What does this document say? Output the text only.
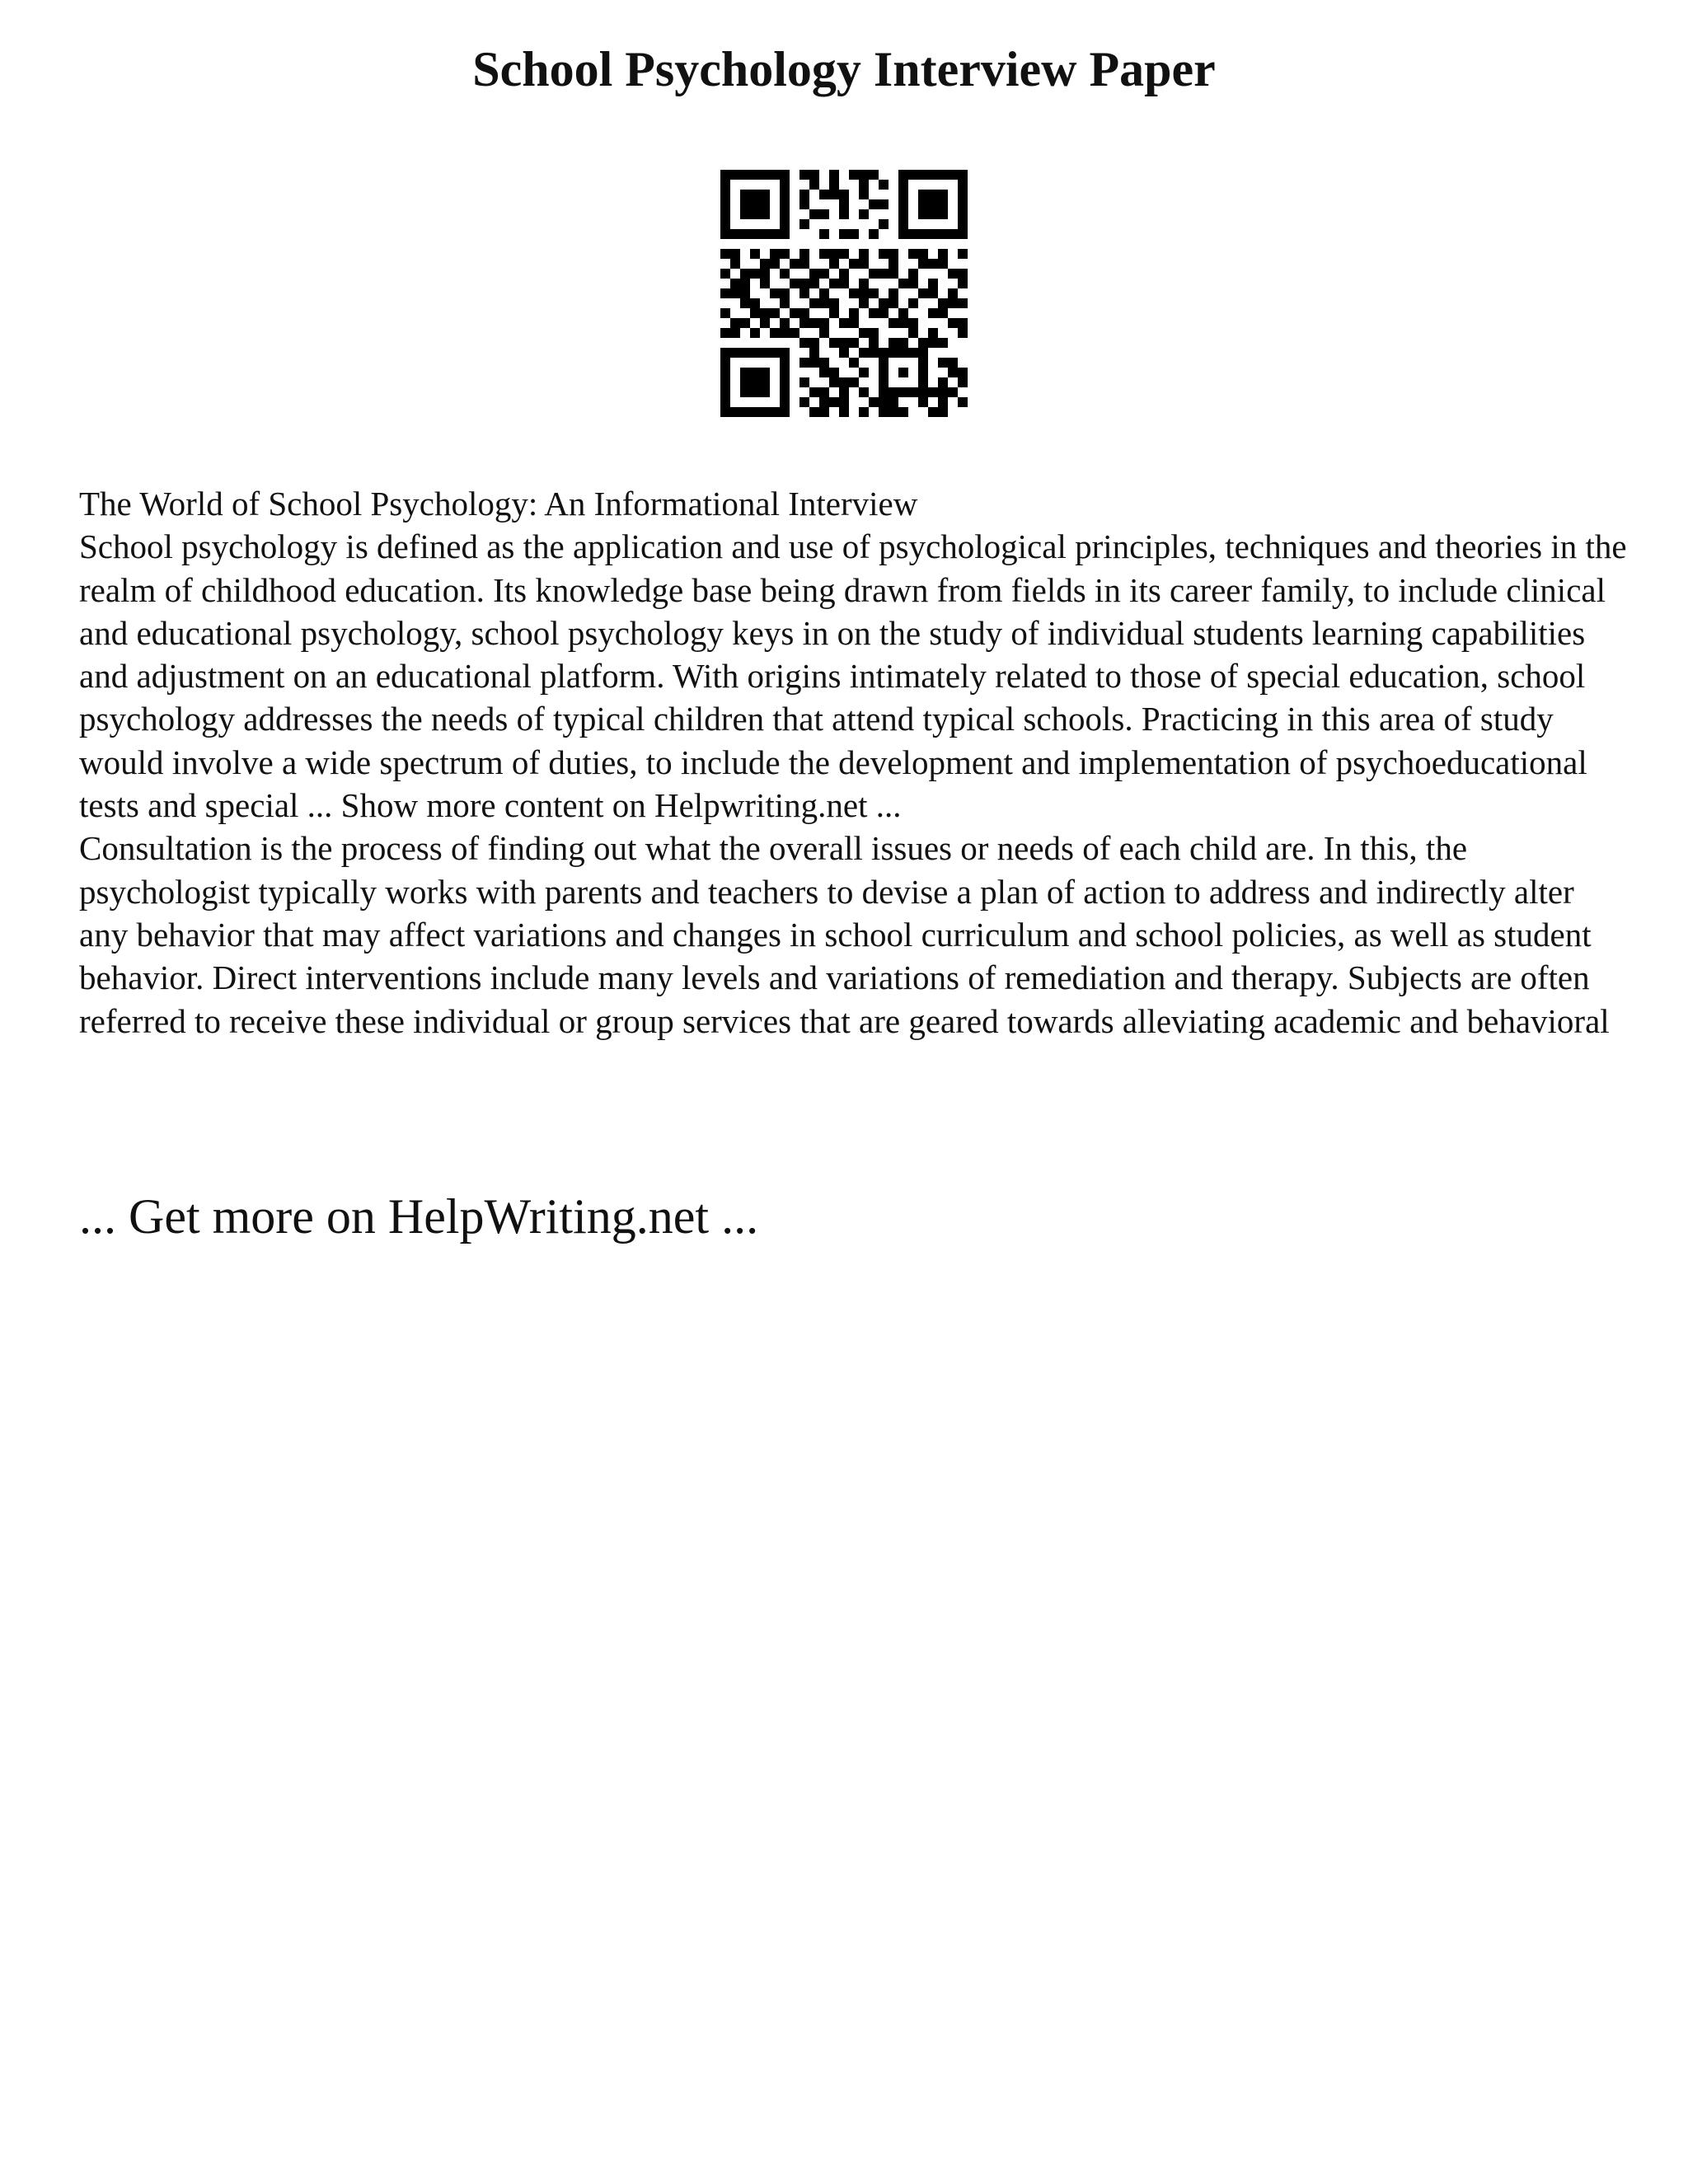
School Psychology Interview Paper

The World of School Psychology: An Informational Interview

School psychology is defined as the application and use of psychological principles, techniques and theories in the realm of childhood education. Its knowledge base being drawn from fields in its career family, to include clinical and educational psychology, school psychology keys in on the study of individual students learning capabilities and adjustment on an educational platform. With origins intimately related to those of special education, school psychology addresses the needs of typical children that attend typical schools. Practicing in this area of study would involve a wide spectrum of duties, to include the development and implementation of psychoeducational tests and special ... Show more content on Helpwriting.net ...

Consultation is the process of finding out what the overall issues or needs of each child are. In this, the psychologist typically works with parents and teachers to devise a plan of action to address and indirectly alter any behavior that may affect variations and changes in school curriculum and school policies, as well as student behavior. Direct interventions include many levels and variations of remediation and therapy. Subjects are often referred to receive these individual or group services that are geared towards alleviating academic and behavioral

... Get more on HelpWriting.net ...
